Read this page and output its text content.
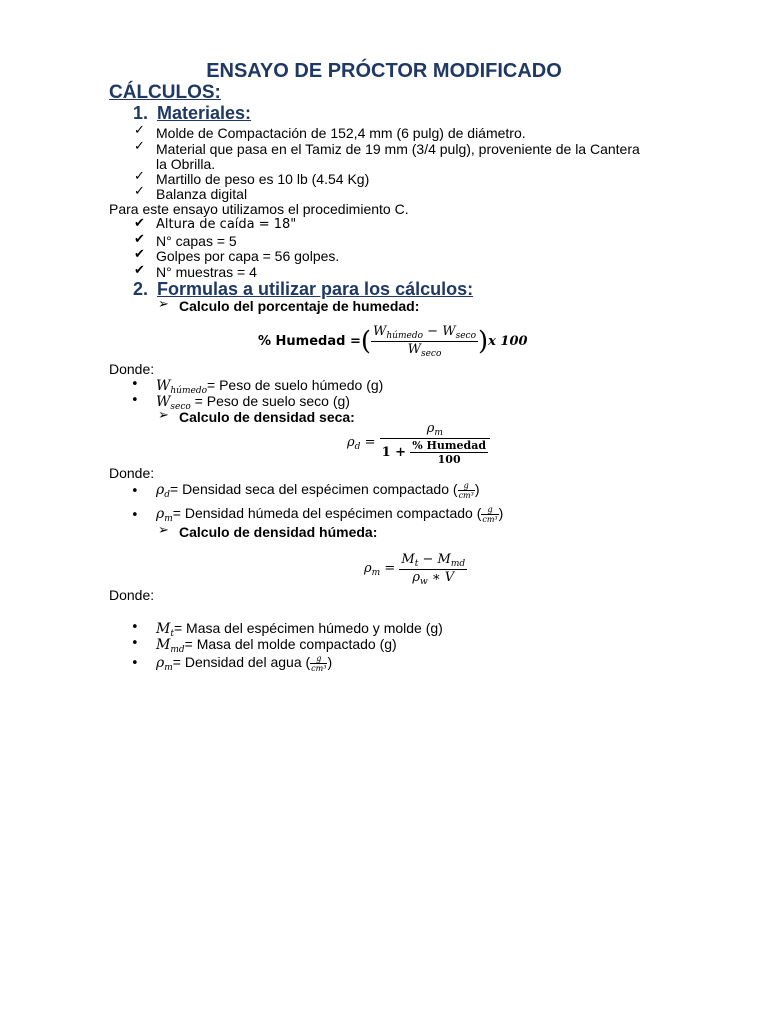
ENSAYO DE PRÓCTOR MODIFICADO
CÁLCULOS:
1. Materiales:
✓ Molde de Compactación de 152,4 mm (6 pulg) de diámetro.

✓ Material que pasa en el Tamiz de 19 mm (3/4 pulg), proveniente de la Cantera

la Obrilla.

✓ Martillo de peso es 10 lb (4.54 Kg)

✓ Balanza digital

Para este ensayo utilizamos el procedimiento C.

✔ Altura de caída = 18"

✔ N° capas = 5

✔ Golpes por capa = 56 golpes.

✔ N° muestras = 4

2. Formulas a utilizar para los cálculos:
➢ Calculo del porcentaje de humedad:

% Humedad =( $\frac{W_{húmedo} - W_{seco}}{W_{seco}} )x$ 100

Donde:

• $W_{húmedo}=$ Peso de suelo húmedo (g)

• $W_{seco}$ = Peso de suelo seco (g)

➢ Calculo de densidad seca:

$\rho_d = \frac{\rho_m}{1 + \frac{\text{\% Humedad}}{100}}$

Donde:

• $\rho_d=$ Densidad seca del espécimen compactado ( $\frac{g}{\text{cm³}}$ )

• $\rho_m=$ Densidad húmeda del espécimen compactado ( $\frac{g}{\text{cm³}}$ )

➢ Calculo de densidad húmeda:

$\rho_m = \frac{M_t - M_{md}}{\rho_w ∗ V}$

Donde:

• $M_t=$ Masa del espécimen húmedo y molde (g)

• $M_{md}=$ Masa del molde compactado (g)

• $\rho_m=$ Densidad del agua ( $\frac{g}{\text{cm³}}$ )
